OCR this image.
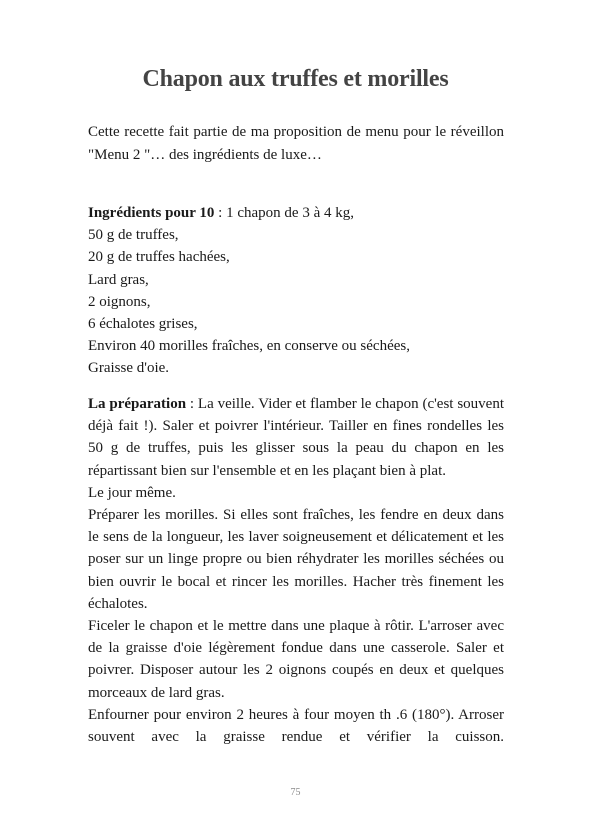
Chapon aux truffes et morilles
Cette recette fait partie de ma proposition de menu pour le réveillon "Menu 2 "… des ingrédients de luxe…
Ingrédients pour 10 : 1 chapon de 3 à 4 kg,
50 g de truffes,
20 g de truffes hachées,
Lard gras,
2 oignons,
6 échalotes grises,
Environ 40 morilles fraîches, en conserve ou séchées,
Graisse d'oie.

La préparation : La veille. Vider et flamber le chapon (c'est souvent déjà fait !). Saler et poivrer l'intérieur. Tailler en fines rondelles les 50 g de truffes, puis les glisser sous la peau du chapon en les répartissant bien sur l'ensemble et en les plaçant bien à plat.

Le jour même.

Préparer les morilles. Si elles sont fraîches, les fendre en deux dans le sens de la longueur, les laver soigneusement et délicatement et les poser sur un linge propre ou bien réhydrater les morilles séchées ou bien ouvrir le bocal et rincer les morilles. Hacher très finement les échalotes.

Ficeler le chapon et le mettre dans une plaque à rôtir. L'arroser avec de la graisse d'oie légèrement fondue dans une casserole. Saler et poivrer. Disposer autour les 2 oignons coupés en deux et quelques morceaux de lard gras.

Enfourner pour environ 2 heures à four moyen th .6 (180°). Arroser souvent avec la graisse rendue et vérifier la cuisson.

75
